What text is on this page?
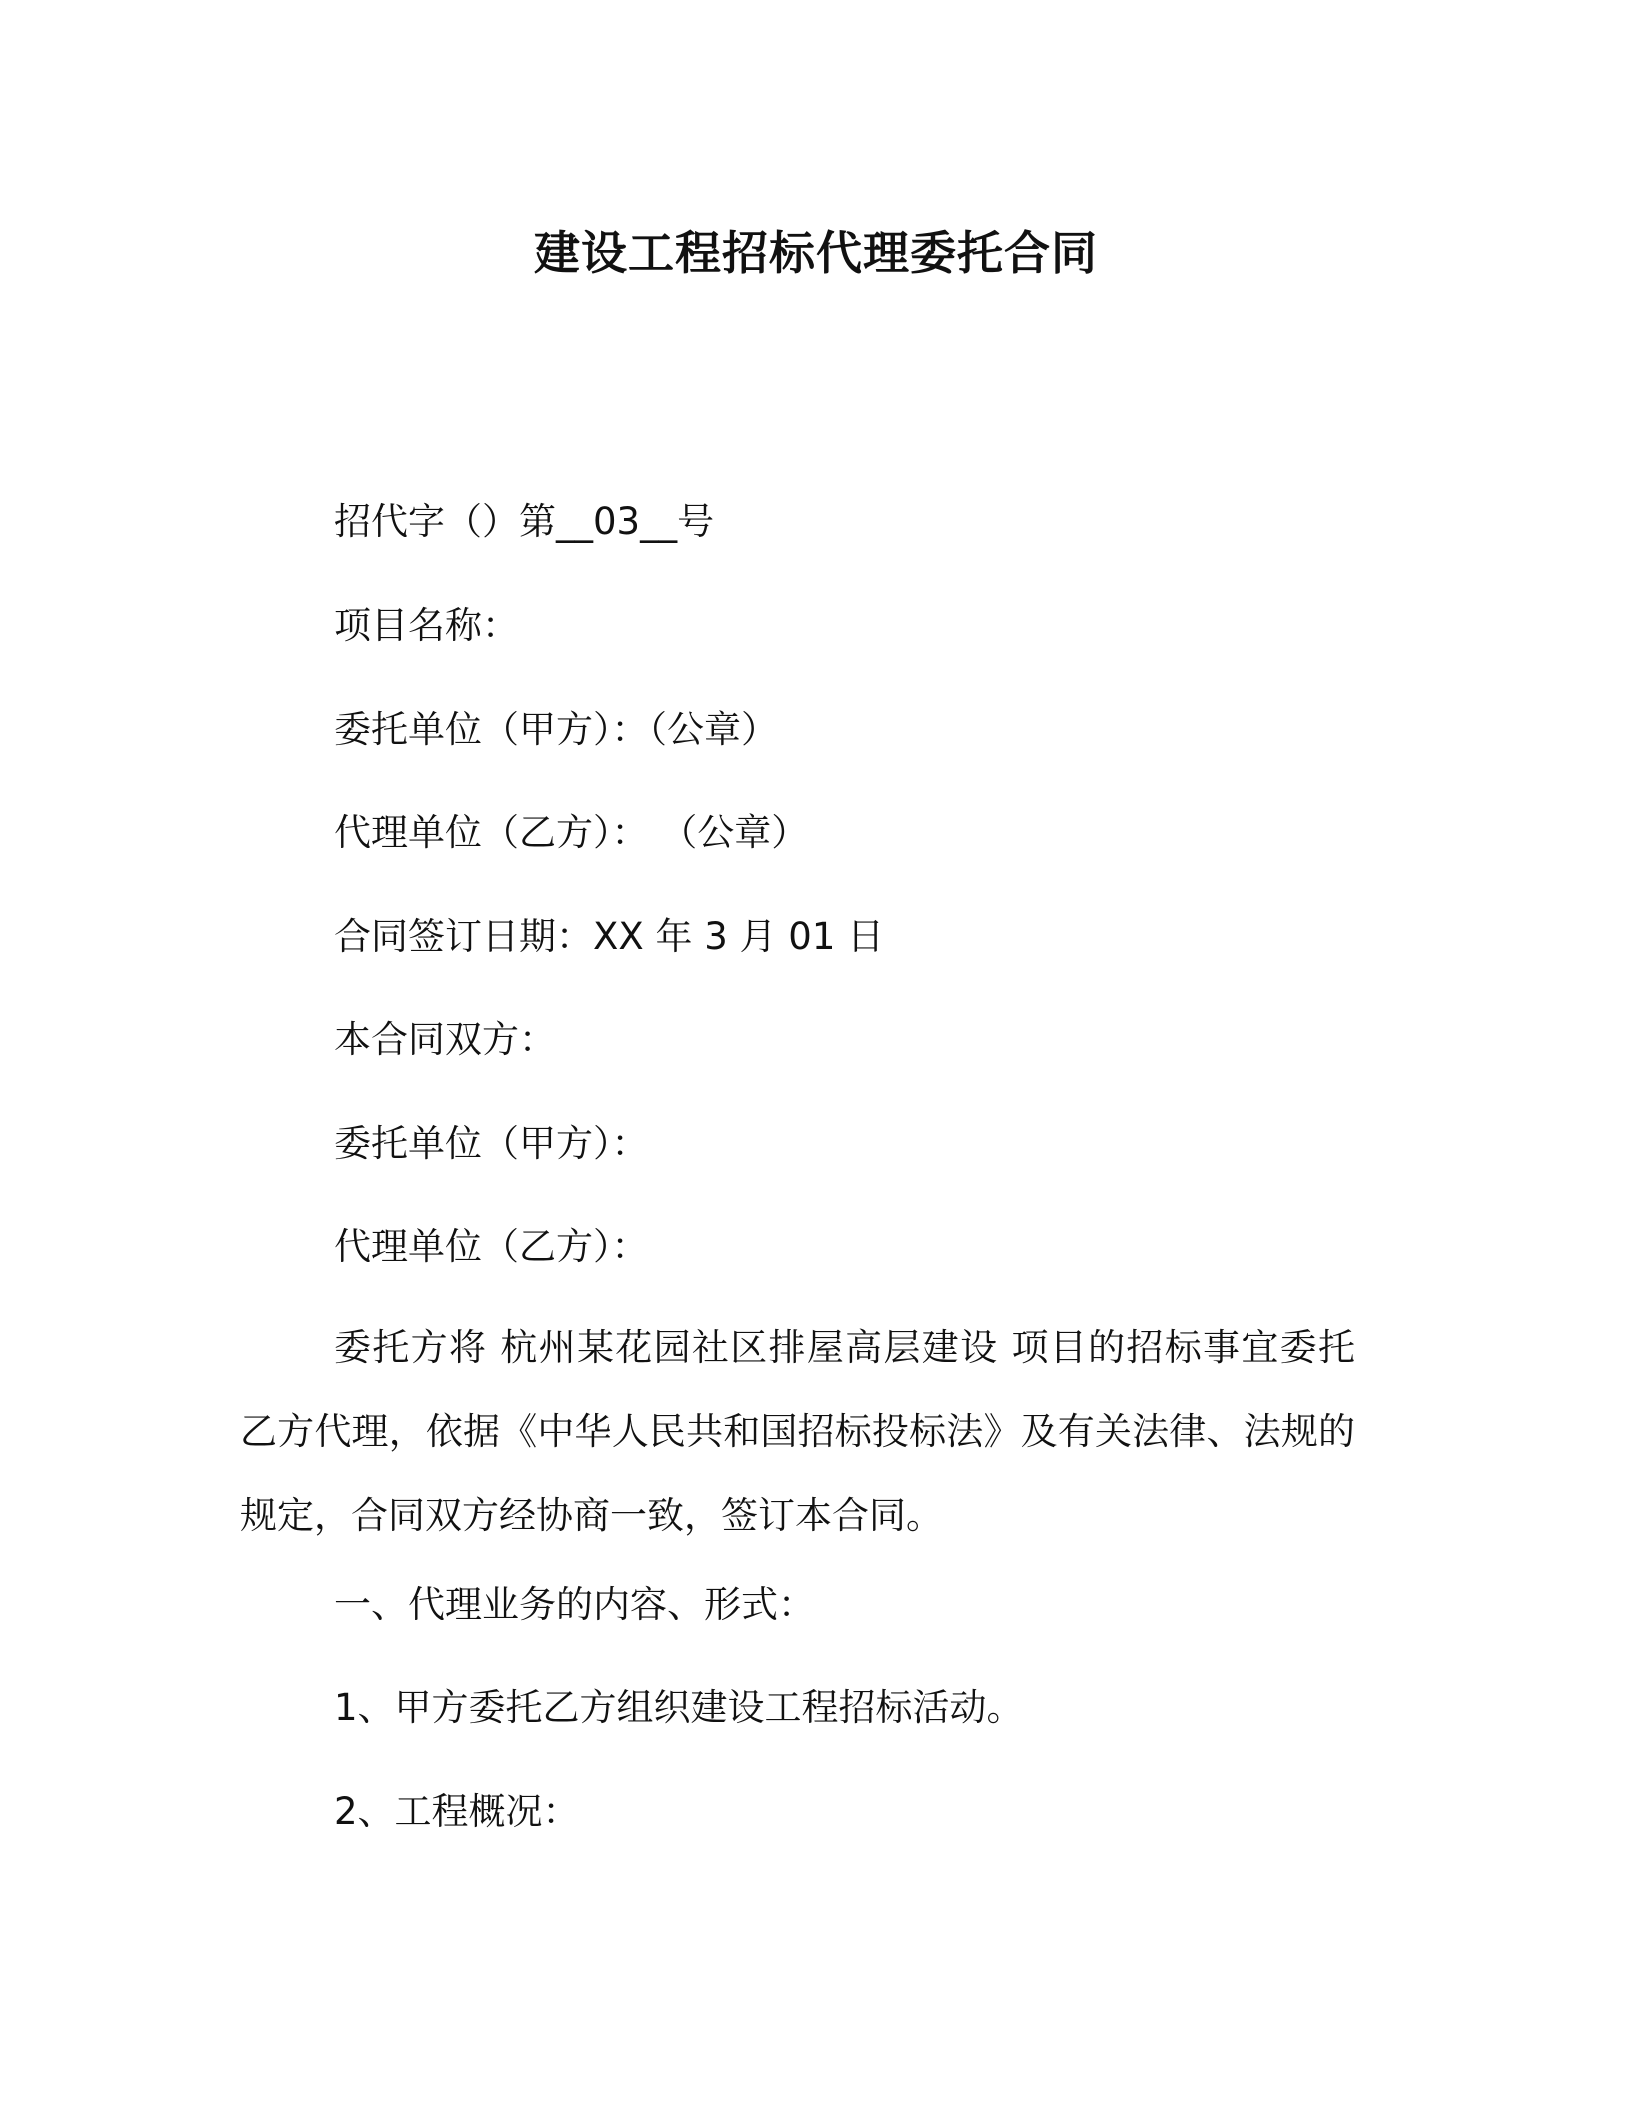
建设工程招标代理委托合同

招代字（）第__03__号

项目名称：

委托单位（甲方）：（公章）

代理单位（乙方）： （公章）

合同签订日期：XX 年 3 月 01 日

本合同双方：

委托单位（甲方）：

代理单位（乙方）：

委托方将 杭州某花园社区排屋高层建设 项目的招标事宜委托乙方代理，依据《中华人民共和国招标投标法》及有关法律、法规的规定，合同双方经协商一致，签订本合同。

一、代理业务的内容、形式：

1、甲方委托乙方组织建设工程招标活动。

2、工程概况：
